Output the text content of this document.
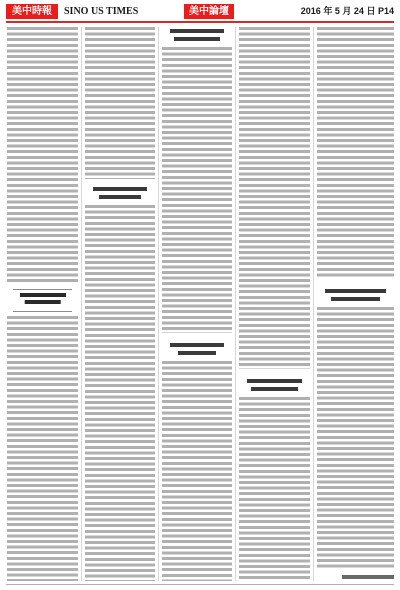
美中時報	SINO US TIMES	美中論壇	2016 年 5 月 24 日 P14
